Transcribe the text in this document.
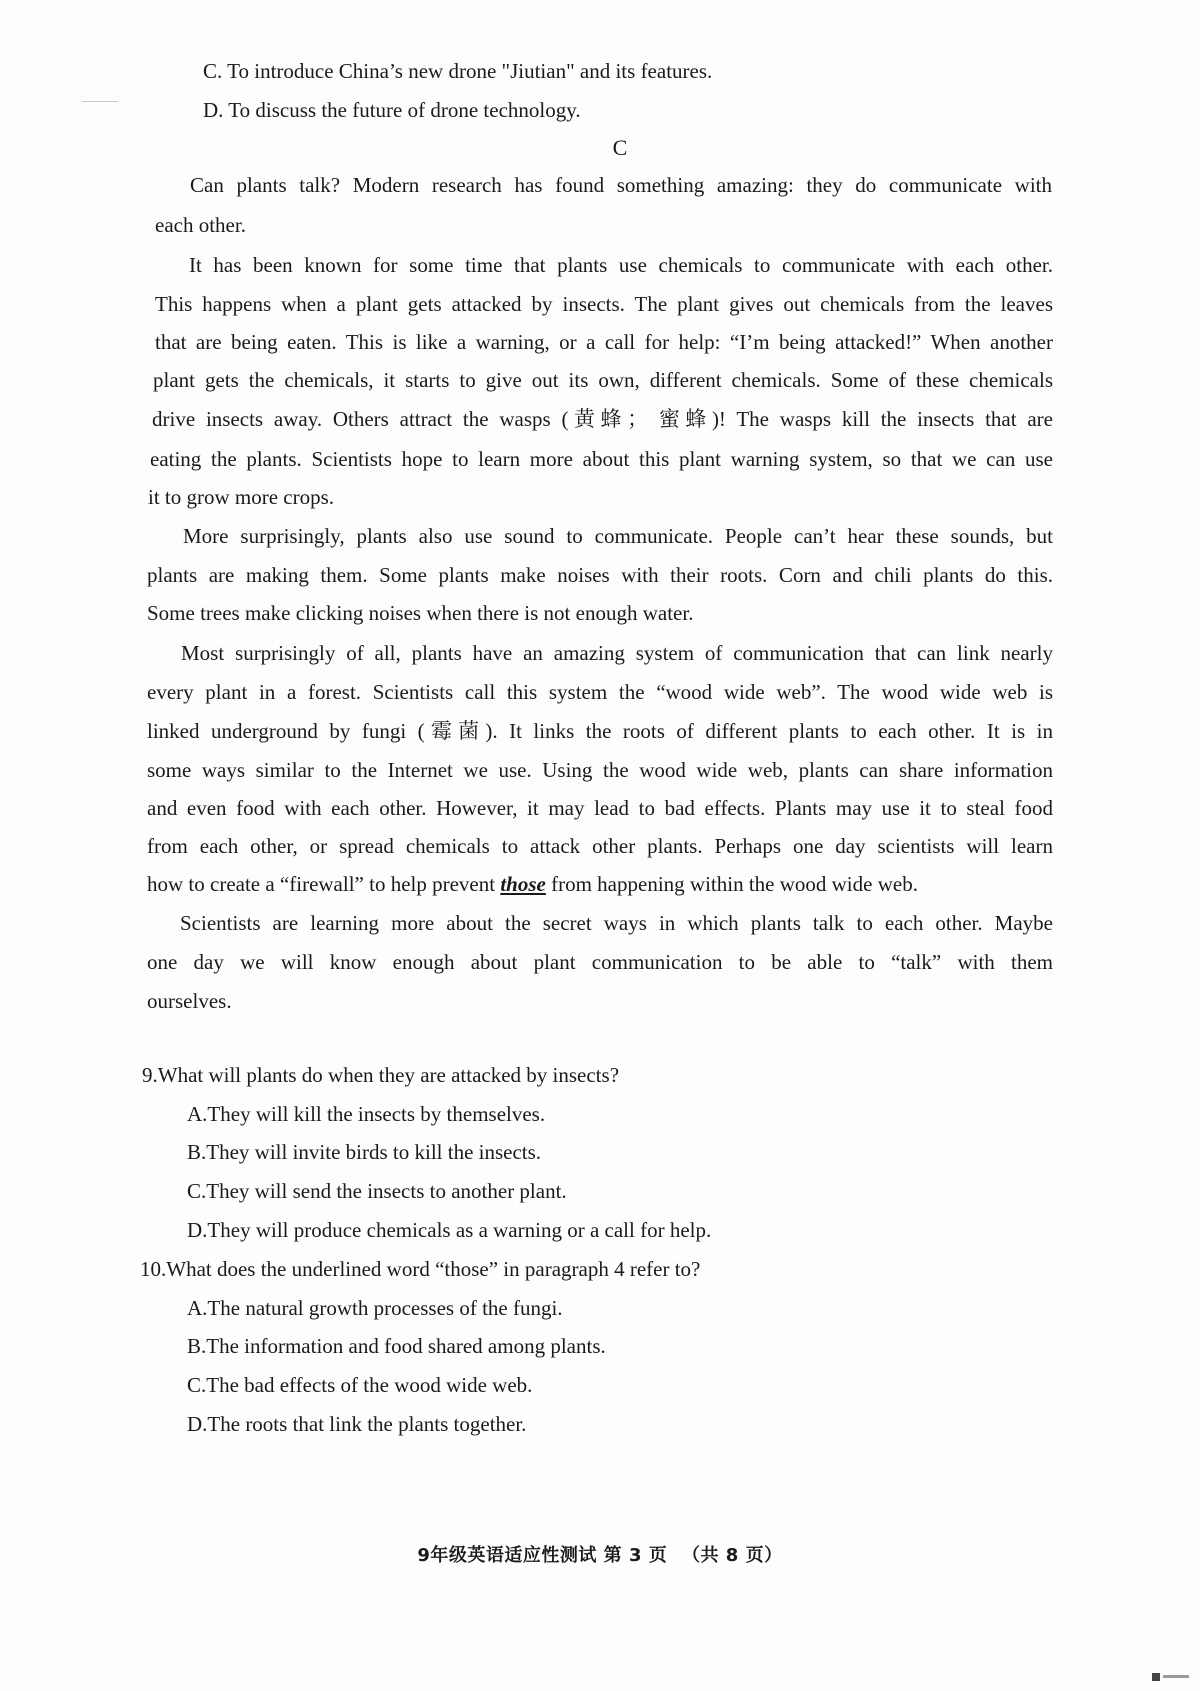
C. To introduce China’s new drone "Jiutian" and its features.
D. To discuss the future of drone technology.
C
Can plants talk? Modern research has found something amazing: they do communicate with
each other.
It has been known for some time that plants use chemicals to communicate with each other.
This happens when a plant gets attacked by insects. The plant gives out chemicals from the leaves
that are being eaten. This is like a warning, or a call for help: “I’m being attacked!” When another
plant gets the chemicals, it starts to give out its own, different chemicals. Some of these chemicals
drive insects away. Others attract the wasps (黄蜂； 蜜蜂)! The wasps kill the insects that are
eating the plants. Scientists hope to learn more about this plant warning system, so that we can use
it to grow more crops.
More surprisingly, plants also use sound to communicate. People can’t hear these sounds, but
plants are making them. Some plants make noises with their roots. Corn and chili plants do this.
Some trees make clicking noises when there is not enough water.
Most surprisingly of all, plants have an amazing system of communication that can link nearly
every plant in a forest. Scientists call this system the “wood wide web”. The wood wide web is
linked underground by fungi (霉菌). It links the roots of different plants to each other. It is in
some ways similar to the Internet we use. Using the wood wide web, plants can share information
and even food with each other. However, it may lead to bad effects. Plants may use it to steal food
from each other, or spread chemicals to attack other plants. Perhaps one day scientists will learn
how to create a “firewall” to help prevent those from happening within the wood wide web.
Scientists are learning more about the secret ways in which plants talk to each other. Maybe
one day we will know enough about plant communication to be able to “talk” with them
ourselves.
9.What will plants do when they are attacked by insects?
A.They will kill the insects by themselves.
B.They will invite birds to kill the insects.
C.They will send the insects to another plant.
D.They will produce chemicals as a warning or a call for help.
10.What does the underlined word “those” in paragraph 4 refer to?
A.The natural growth processes of the fungi.
B.The information and food shared among plants.
C.The bad effects of the wood wide web.
D.The roots that link the plants together.
9年级英语适应性测试 第 3 页 （共 8 页）
